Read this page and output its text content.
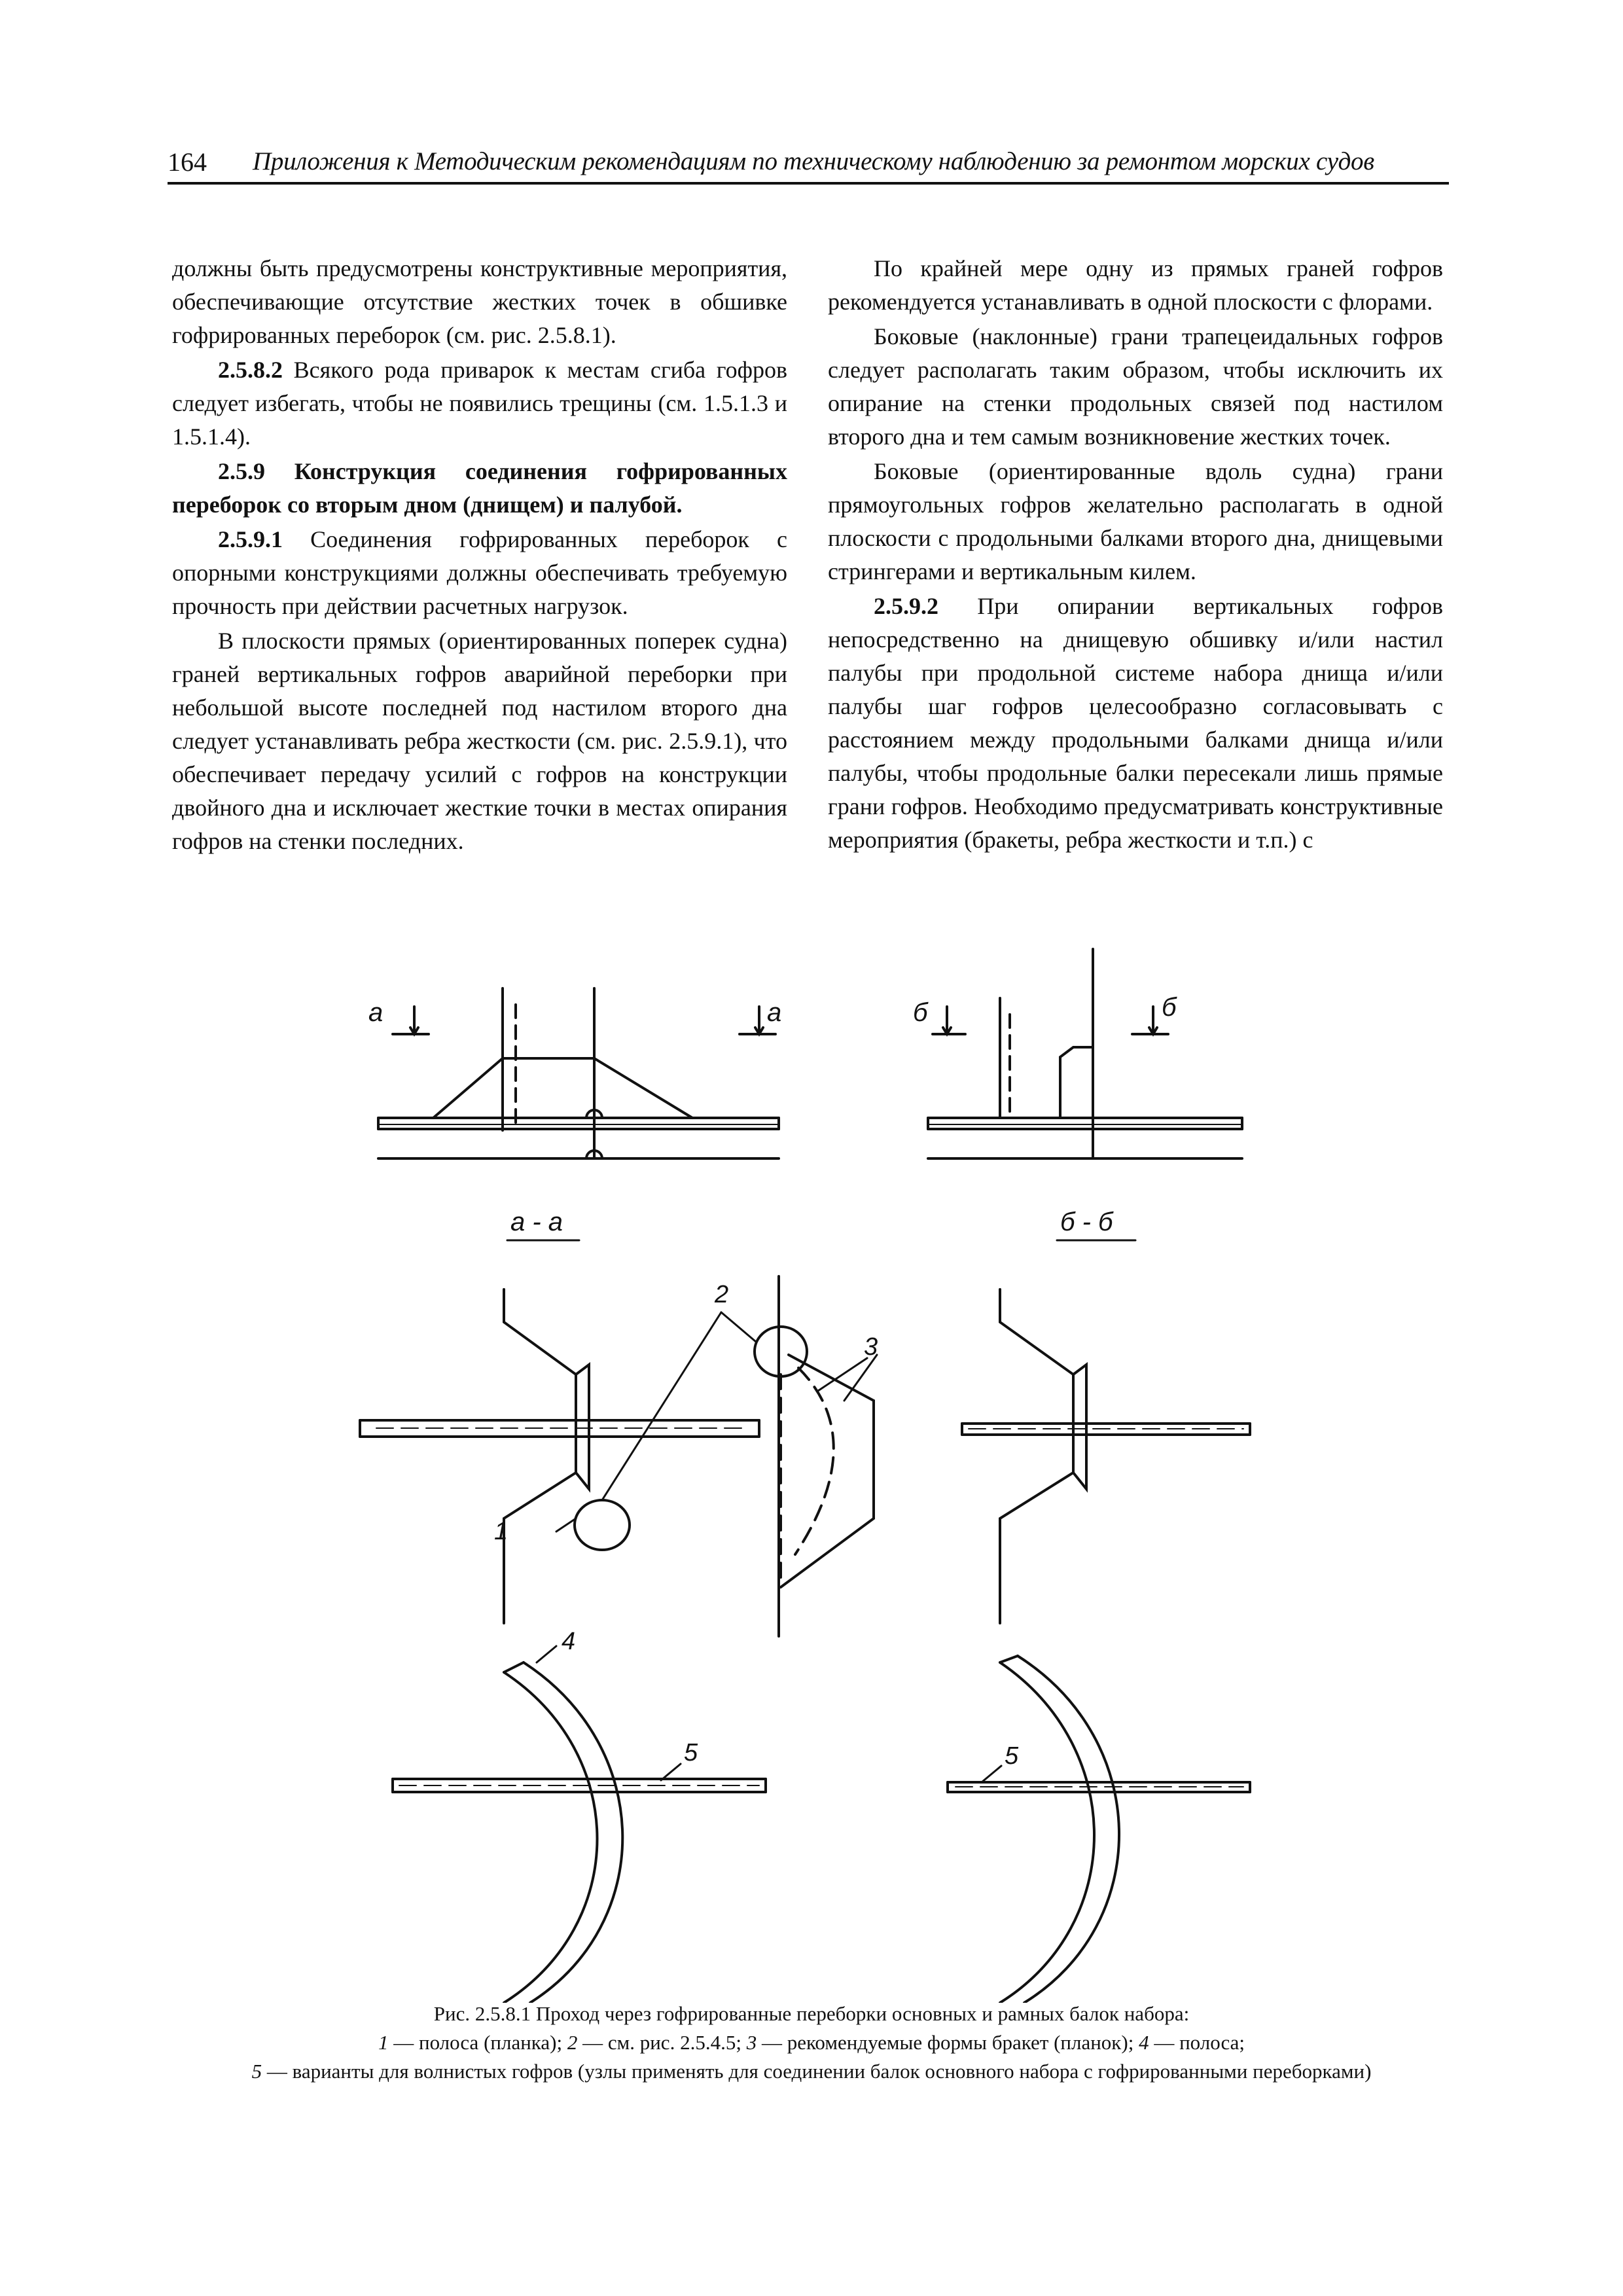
164 Приложения к Методическим рекомендациям по техническому наблюдению за ремонтом морских судов

должны быть предусмотрены конструктивные мероприятия, обеспечивающие отсутствие жестких точек в обшивке гофрированных переборок (см. рис. 2.5.8.1).

2.5.8.2 Всякого рода приварок к местам сгиба гофров следует избегать, чтобы не появились трещины (см. 1.5.1.3 и 1.5.1.4).

2.5.9 Конструкция соединения гофрированных переборок со вторым дном (днищем) и палубой.

2.5.9.1 Соединения гофрированных переборок с опорными конструкциями должны обеспечивать требуемую прочность при действии расчетных нагрузок.

В плоскости прямых (ориентированных поперек судна) граней вертикальных гофров аварийной переборки при небольшой высоте последней под настилом второго дна следует устанавливать ребра жесткости (см. рис. 2.5.9.1), что обеспечивает передачу усилий с гофров на конструкции двойного дна и исключает жесткие точки в местах опирания гофров на стенки последних.

По крайней мере одну из прямых граней гофров рекомендуется устанавливать в одной плоскости с флорами.

Боковые (наклонные) грани трапецеидальных гофров следует располагать таким образом, чтобы исключить их опирание на стенки продольных связей под настилом второго дна и тем самым возникновение жестких точек.

Боковые (ориентированные вдоль судна) грани прямоугольных гофров желательно располагать в одной плоскости с продольными балками второго дна, днищевыми стрингерами и вертикальным килем.

2.5.9.2 При опирании вертикальных гофров непосредственно на днищевую обшивку и/или настил палубы при продольной системе набора днища и/или палубы шаг гофров целесообразно согласовывать с расстоянием между продольными балками днища и/или палубы, чтобы продольные балки пересекали лишь прямые грани гофров. Необходимо предусматривать конструктивные мероприятия (бракеты, ребра жесткости и т.п.) с

а	а	б	б
а - а	б - б
2
3
1
4
5	5
Рис. 2.5.8.1 Проход через гофрированные переборки основных и рамных балок набора:
1 — полоса (планка); 2 — см. рис. 2.5.4.5; 3 — рекомендуемые формы бракет (планок); 4 — полоса;
5 — варианты для волнистых гофров (узлы применять для соединении балок основного набора с гофрированными переборками)
